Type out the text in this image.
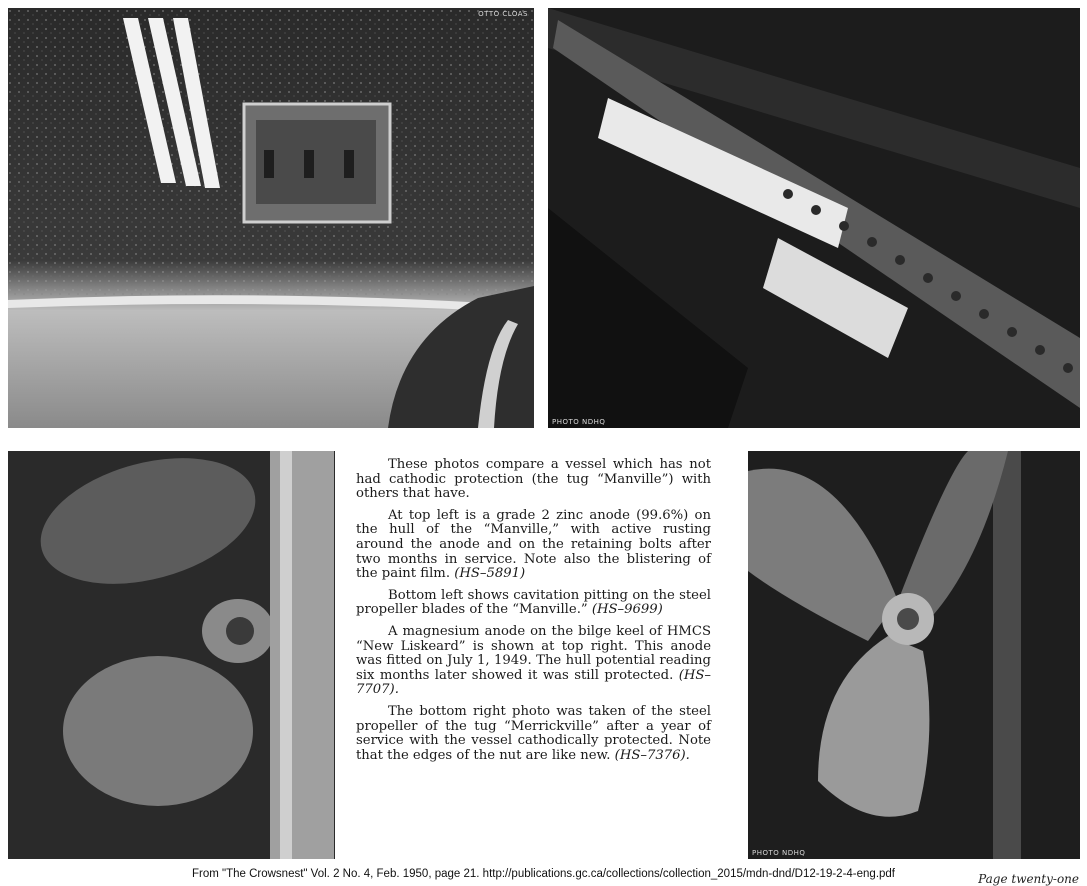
OTTO CLOAS
PHOTO NDHQ
PHOTO NDHQ

These photos compare a vessel which has not had cathodic protection (the tug “Manville”) with others that have.

At top left is a grade 2 zinc anode (99.6%) on the hull of the “Manville,” with active rusting around the anode and on the retaining bolts after two months in service. Note also the blistering of the paint film. (HS–5891)

Bottom left shows cavitation pitting on the steel propeller blades of the “Manville.” (HS–9699)

A magnesium anode on the bilge keel of HMCS “New Liskeard” is shown at top right. This anode was fitted on July 1, 1949. The hull potential reading six months later showed it was still protected. (HS–7707).

The bottom right photo was taken of the steel propeller of the tug “Merrickville” after a year of service with the vessel cathodically protected. Note that the edges of the nut are like new. (HS–7376).

From "The Crowsnest" Vol. 2 No. 4, Feb. 1950, page 21. http://publications.gc.ca/collections/collection_2015/mdn-dnd/D12-19-2-4-eng.pdf	Page twenty-one
